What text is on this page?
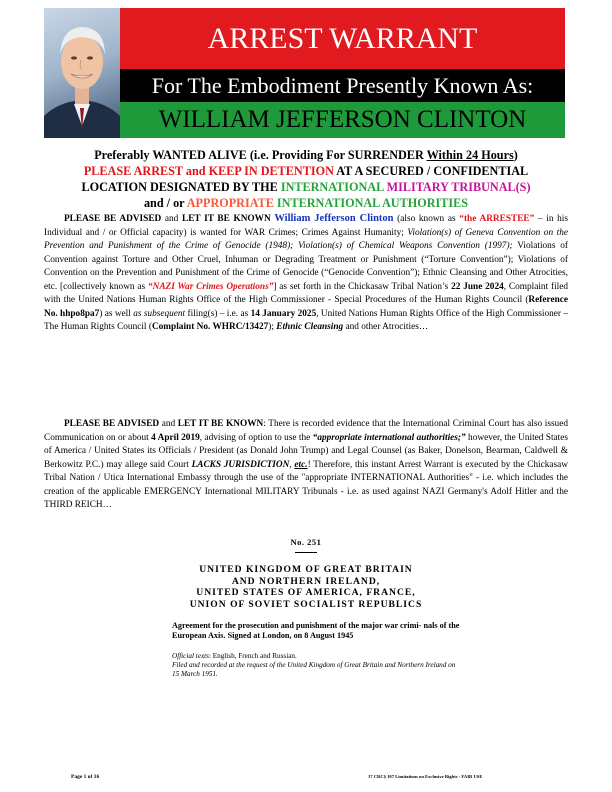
ARREST WARRANT
For The Embodiment Presently Known As:
WILLIAM JEFFERSON CLINTON
Preferably WANTED ALIVE (i.e. Providing For SURRENDER Within 24 Hours)
PLEASE ARREST and KEEP IN DETENTION AT A SECURED / CONFIDENTIAL
LOCATION DESIGNATED BY THE INTERNATIONAL MILITARY TRIBUNAL(S)
and / or APPROPRIATE INTERNATIONAL AUTHORITIES
PLEASE BE ADVISED and LET IT BE KNOWN William Jefferson Clinton (also known as “the ARRESTEE” – in his Individual and / or Official capacity) is wanted for WAR Crimes; Crimes Against Humanity; Violation(s) of Geneva Convention on the Prevention and Punishment of the Crime of Genocide (1948); Violation(s) of Chemical Weapons Convention (1997); Violations of Convention against Torture and Other Cruel, Inhuman or Degrading Treatment or Punishment (“Torture Convention”); Violations of Convention on the Prevention and Punishment of the Crime of Genocide (“Genocide Convention”); Ethnic Cleansing and Other Atrocities, etc. [collectively known as “NAZI War Crimes Operations”] as set forth in the Chickasaw Tribal Nation’s 22 June 2024, Complaint filed with the United Nations Human Rights Office of the High Commissioner - Special Procedures of the Human Rights Council (Reference No. hhpo8pa7) as well as subsequent filing(s) – i.e. as 14 January 2025, United Nations Human Rights Office of the High Commissioner – The Human Rights Council (Complaint No. WHRC/13427); Ethnic Cleansing and other Atrocities…
PLEASE BE ADVISED and LET IT BE KNOWN: There is recorded evidence that the International Criminal Court has also issued Communication on or about 4 April 2019, advising of option to use the “appropriate international authorities;” however, the United States of America / United States its Officials / President (as Donald John Trump) and Legal Counsel (as Baker, Donelson, Bearman, Caldwell & Berkowitz P.C.) may allege said Court LACKS JURISDICTION, etc.! Therefore, this instant Arrest Warrant is executed by the Chickasaw Tribal Nation / Utica International Embassy through the use of the "appropriate INTERNATIONAL Authorities" - i.e. which includes the creation of the applicable EMERGENCY International MILITARY Tribunals - i.e. as used against NAZI Germany's Adolf Hitler and the THIRD REICH…
No. 251
UNITED KINGDOM OF GREAT BRITAIN
AND NORTHERN IRELAND,
UNITED STATES OF AMERICA, FRANCE,
UNION OF SOVIET SOCIALIST REPUBLICS
Agreement for the prosecution and punishment of the major war crimi- nals of the European Axis. Signed at London, on 8 August 1945
Official texts: English, French and Russian.
Filed and recorded at the request of the United Kingdom of Great Britain and Northern Ireland on 15 March 1951.
Page 1 of 16	17 CRC§ 107 Limitations on Exclusive Rights - FAIR USE
